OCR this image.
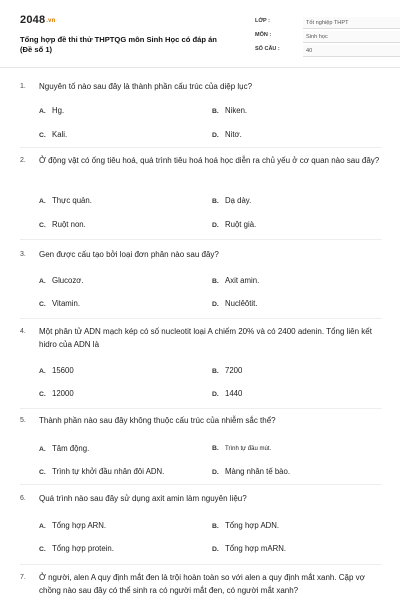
2048.vn
Tổng hợp đề thi thử THPTQG môn Sinh Học có đáp án (Đề số 1)
LỚP :	Tốt nghiệp THPT
MÔN :	Sinh học
SỐ CÂU :	40
1. Nguyên tố nào sau đây là thành phần cấu trúc của diệp lục?
A. Hg.	B. Niken.
C. Kali.	D. Nitơ.
2. Ở động vật có ống tiêu hoá, quá trình tiêu hoá hoá học diễn ra chủ yếu ở cơ quan nào sau đây?
A. Thực quản.	B. Dạ dày.
C. Ruột non.	D. Ruột già.
3. Gen được cấu tạo bởi loại đơn phân nào sau đây?
A. Glucozơ.	B. Axit amin.
C. Vitamin.	D. Nuclêôtit.
4. Một phân tử ADN mạch kép có số nucleotit loại A chiếm 20% và có 2400 adenin. Tổng liên kết hidro của ADN là
A. 15600	B. 7200
C. 12000	D. 1440
5. Thành phần nào sau đây không thuộc cấu trúc của nhiễm sắc thể?
A. Tâm động.	B. Trình tự đầu mút.
C. Trình tự khởi đầu nhân đôi ADN.	D. Màng nhân tế bào.
6. Quá trình nào sau đây sử dụng axit amin làm nguyên liệu?
A. Tổng hợp ARN.	B. Tổng hợp ADN.
C. Tổng hợp protein.	D. Tổng hợp mARN.
7. Ở người, alen A quy định mắt đen là trội hoàn toàn so với alen a quy định mắt xanh. Cặp vợ chồng nào sau đây có thể sinh ra có người mắt đen, có người mắt xanh?
